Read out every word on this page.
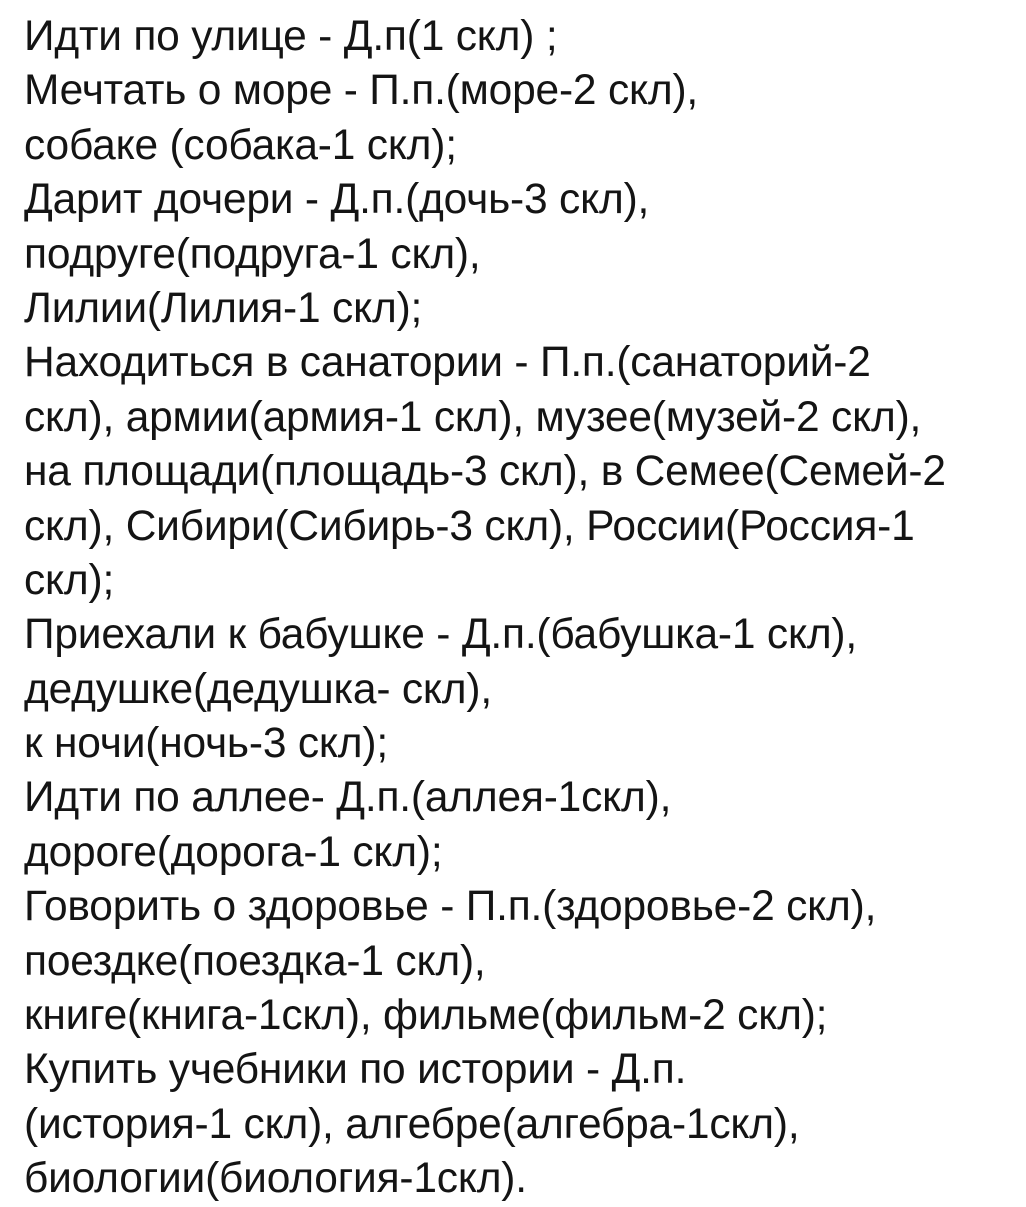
Идти по улице - Д.п(1 скл) ;
Мечтать о море - П.п.(море-2 скл),
собаке (собака-1 скл);
Дарит дочери - Д.п.(дочь-3 скл),
подруге(подруга-1 скл),
Лилии(Лилия-1 скл);
Находиться в санатории - П.п.(санаторий-2
скл), армии(армия-1 скл), музее(музей-2 скл),
на площади(площадь-3 скл), в Семее(Семей-2
скл), Сибири(Сибирь-3 скл), России(Россия-1
скл);
Приехали к бабушке - Д.п.(бабушка-1 скл),
дедушке(дедушка- скл),
к ночи(ночь-3 скл);
Идти по аллее- Д.п.(аллея-1скл),
дороге(дорога-1 скл);
Говорить о здоровье - П.п.(здоровье-2 скл),
поездке(поездка-1 скл),
книге(книга-1скл), фильме(фильм-2 скл);
Купить учебники по истории - Д.п.
(история-1 скл), алгебре(алгебра-1скл),
биологии(биология-1скл).
